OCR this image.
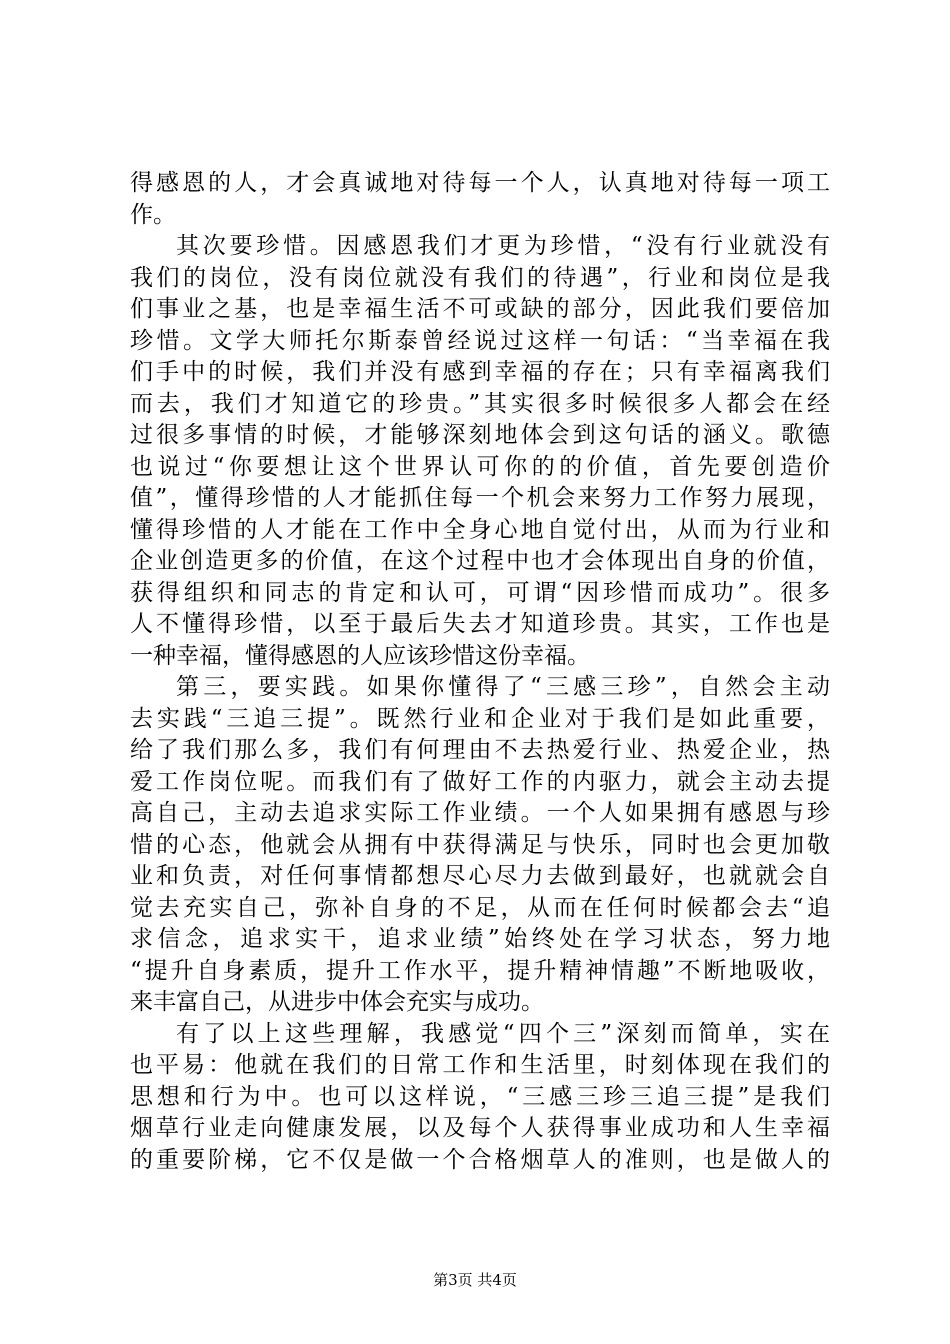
得感恩的人，才会真诚地对待每一个人，认真地对待每一项工
作。
其次要珍惜。因感恩我们才更为珍惜，“没有行业就没有
我们的岗位，没有岗位就没有我们的待遇”，行业和岗位是我
们事业之基，也是幸福生活不可或缺的部分，因此我们要倍加
珍惜。文学大师托尔斯泰曾经说过这样一句话：“当幸福在我
们手中的时候，我们并没有感到幸福的存在；只有幸福离我们
而去，我们才知道它的珍贵。”其实很多时候很多人都会在经
过很多事情的时候，才能够深刻地体会到这句话的涵义。歌德
也说过“你要想让这个世界认可你的的价值，首先要创造价
值”，懂得珍惜的人才能抓住每一个机会来努力工作努力展现，
懂得珍惜的人才能在工作中全身心地自觉付出，从而为行业和
企业创造更多的价值，在这个过程中也才会体现出自身的价值，
获得组织和同志的肯定和认可，可谓“因珍惜而成功”。很多
人不懂得珍惜，以至于最后失去才知道珍贵。其实，工作也是
一种幸福，懂得感恩的人应该珍惜这份幸福。
第三，要实践。如果你懂得了“三感三珍”，自然会主动
去实践“三追三提”。既然行业和企业对于我们是如此重要，
给了我们那么多，我们有何理由不去热爱行业、热爱企业，热
爱工作岗位呢。而我们有了做好工作的内驱力，就会主动去提
高自己，主动去追求实际工作业绩。一个人如果拥有感恩与珍
惜的心态，他就会从拥有中获得满足与快乐，同时也会更加敬
业和负责，对任何事情都想尽心尽力去做到最好，也就就会自
觉去充实自己，弥补自身的不足，从而在任何时候都会去“追
求信念，追求实干，追求业绩”始终处在学习状态，努力地
“提升自身素质，提升工作水平，提升精神情趣”不断地吸收，
来丰富自己，从进步中体会充实与成功。
有了以上这些理解，我感觉“四个三”深刻而简单，实在
也平易：他就在我们的日常工作和生活里，时刻体现在我们的
思想和行为中。也可以这样说，“三感三珍三追三提”是我们
烟草行业走向健康发展，以及每个人获得事业成功和人生幸福
的重要阶梯，它不仅是做一个合格烟草人的准则，也是做人的
第3页 共4页
